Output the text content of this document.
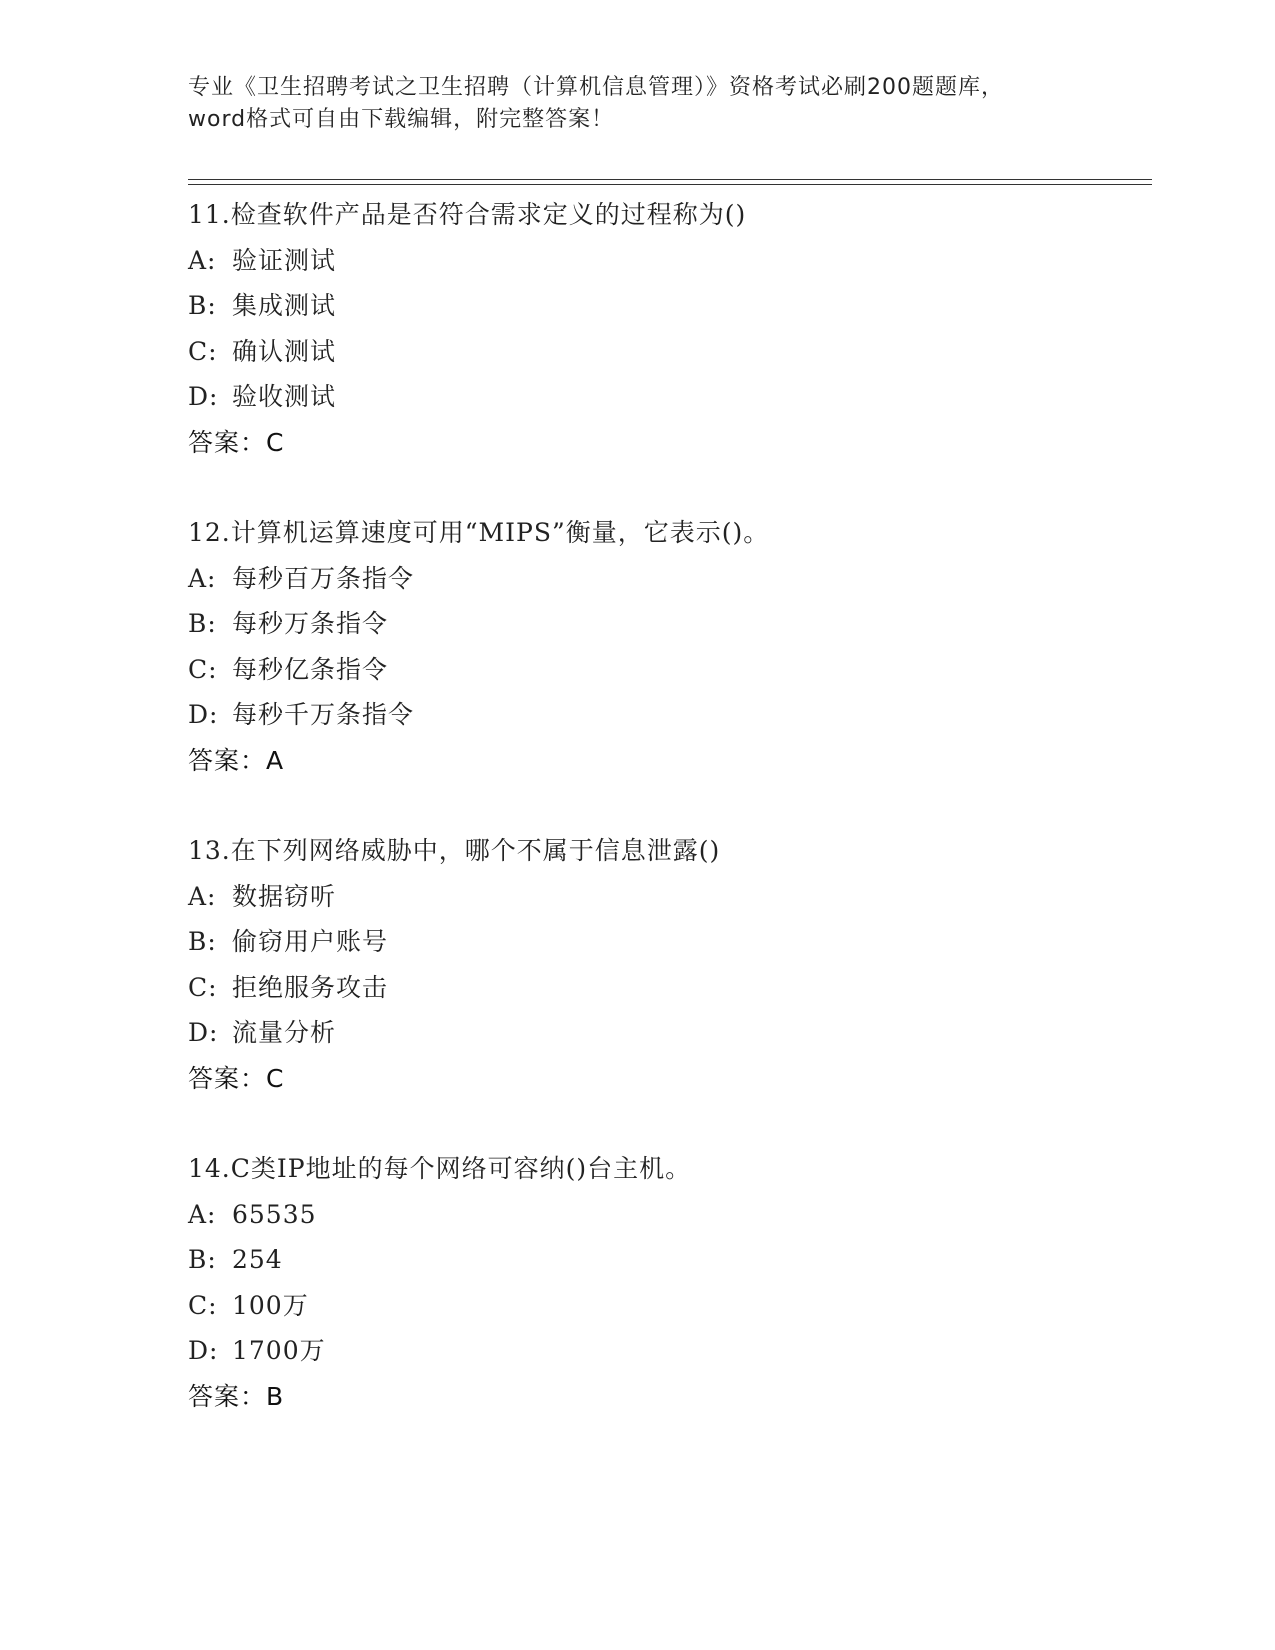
专业《卫生招聘考试之卫生招聘（计算机信息管理）》资格考试必刷200题题库，
word格式可自由下载编辑，附完整答案！
11.检查软件产品是否符合需求定义的过程称为()
A: 验证测试
B: 集成测试
C: 确认测试
D: 验收测试
答案：C
12.计算机运算速度可用“MIPS”衡量，它表示()。
A: 每秒百万条指令
B: 每秒万条指令
C: 每秒亿条指令
D: 每秒千万条指令
答案：A
13.在下列网络威胁中，哪个不属于信息泄露()
A: 数据窃听
B: 偷窃用户账号
C: 拒绝服务攻击
D: 流量分析
答案：C
14.C类IP地址的每个网络可容纳()台主机。
A: 65535
B: 254
C: 100万
D: 1700万
答案：B
